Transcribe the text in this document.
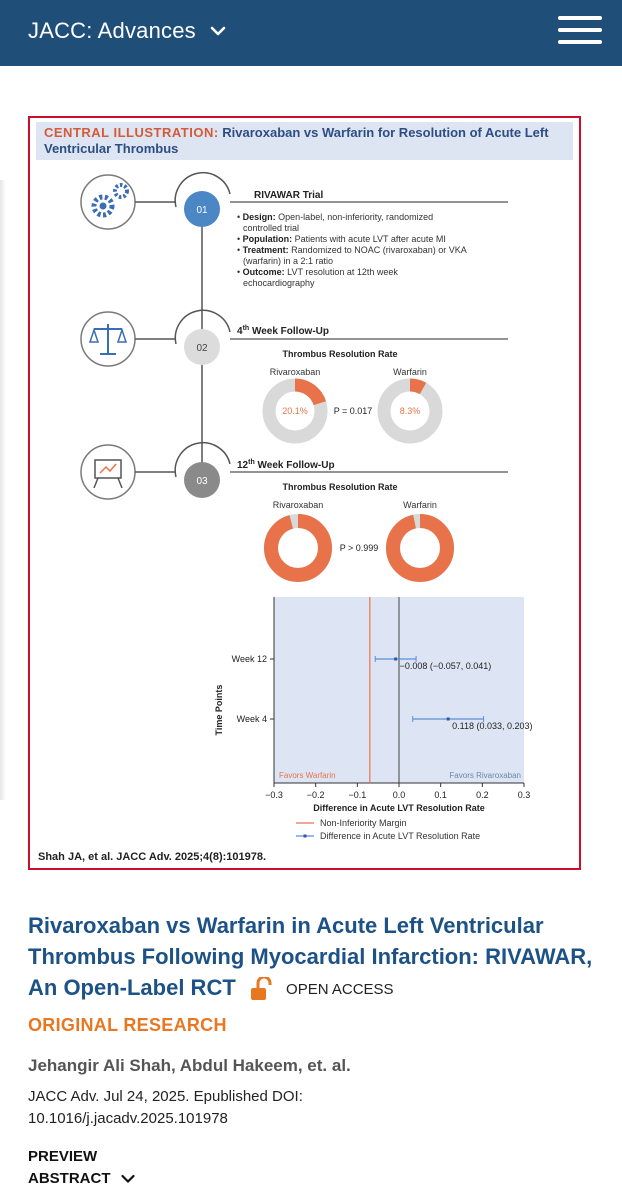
JACC: Advances
CENTRAL ILLUSTRATION: Rivaroxaban vs Warfarin for Resolution of Acute Left Ventricular Thrombus
01
02
03
RIVAWAR Trial
• Design: Open-label, non-inferiority, randomized
controlled trial
• Population: Patients with acute LVT after acute MI
• Treatment: Randomized to NOAC (rivaroxaban) or VKA
(warfarin) in a 2:1 ratio
• Outcome: LVT resolution at 12th week
echocardiography
4th Week Follow-Up
Thrombus Resolution Rate
Rivaroxaban	Warfarin
20.1%	8.3%
P = 0.017
12th Week Follow-Up
Thrombus Resolution Rate
Rivaroxaban	Warfarin
95.8%	96.6%
P > 0.999
−0.3	−0.2	−0.1	0.0	0.1	0.2	0.3
Week 12
−0.008 (−0.057, 0.041)
Week 4
0.118 (0.033, 0.203)
Favors Warfarin	Favors Rivaroxaban
Time Points
Difference in Acute LVT Resolution Rate
Non-Inferiority Margin
Difference in Acute LVT Resolution Rate
Shah JA, et al. JACC Adv. 2025;4(8):101978.
Rivaroxaban vs Warfarin in Acute Left Ventricular Thrombus Following Myocardial Infarction: RIVAWAR, An Open-Label RCT	OPEN ACCESS
ORIGINAL RESEARCH
Jehangir Ali Shah, Abdul Hakeem, et. al.
JACC Adv. Jul 24, 2025. Epublished DOI:
10.1016/j.jacadv.2025.101978
PREVIEW
ABSTRACT
